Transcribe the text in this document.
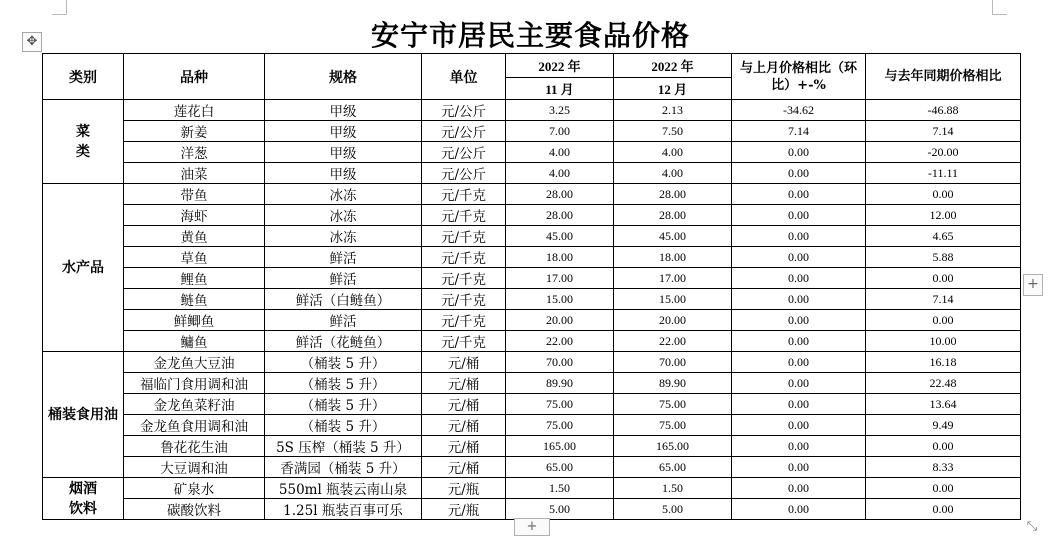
✥	安宁市居民主要食品价格
类别	品种	规格	单位	2022 年	2022 年	与上月价格相比（环比）+-%	与去年同期价格相比
				11 月	12 月		
菜类	莲花白	甲级	元/公斤	3.25	2.13	-34.62	-46.88
	新姜	甲级	元/公斤	7.00	7.50	7.14	7.14
	洋葱	甲级	元/公斤	4.00	4.00	0.00	-20.00
	油菜	甲级	元/公斤	4.00	4.00	0.00	-11.11
水产品	带鱼	冰冻	元/千克	28.00	28.00	0.00	0.00
	海虾	冰冻	元/千克	28.00	28.00	0.00	12.00
	黄鱼	冰冻	元/千克	45.00	45.00	0.00	4.65
	草鱼	鲜活	元/千克	18.00	18.00	0.00	5.88
	鲤鱼	鲜活	元/千克	17.00	17.00	0.00	0.00
	鲢鱼	鲜活（白鲢鱼）	元/千克	15.00	15.00	0.00	7.14
	鲜鲫鱼	鲜活	元/千克	20.00	20.00	0.00	0.00
	鳙鱼	鲜活（花鲢鱼）	元/千克	22.00	22.00	0.00	10.00
桶装食用油	金龙鱼大豆油	（桶装 5 升）	元/桶	70.00	70.00	0.00	16.18
	福临门食用调和油	（桶装 5 升）	元/桶	89.90	89.90	0.00	22.48
	金龙鱼菜籽油	（桶装 5 升）	元/桶	75.00	75.00	0.00	13.64
	金龙鱼食用调和油	（桶装 5 升）	元/桶	75.00	75.00	0.00	9.49
	鲁花花生油	5S 压榨（桶装 5 升）	元/桶	165.00	165.00	0.00	0.00
	大豆调和油	香满园（桶装 5 升）	元/桶	65.00	65.00	0.00	8.33
烟酒饮料	矿泉水	550ml 瓶装云南山泉	元/瓶	1.50	1.50	0.00	0.00
	碳酸饮料	1.25l 瓶装百事可乐	元/瓶	5.00	5.00	0.00	0.00
+
+	⤡
